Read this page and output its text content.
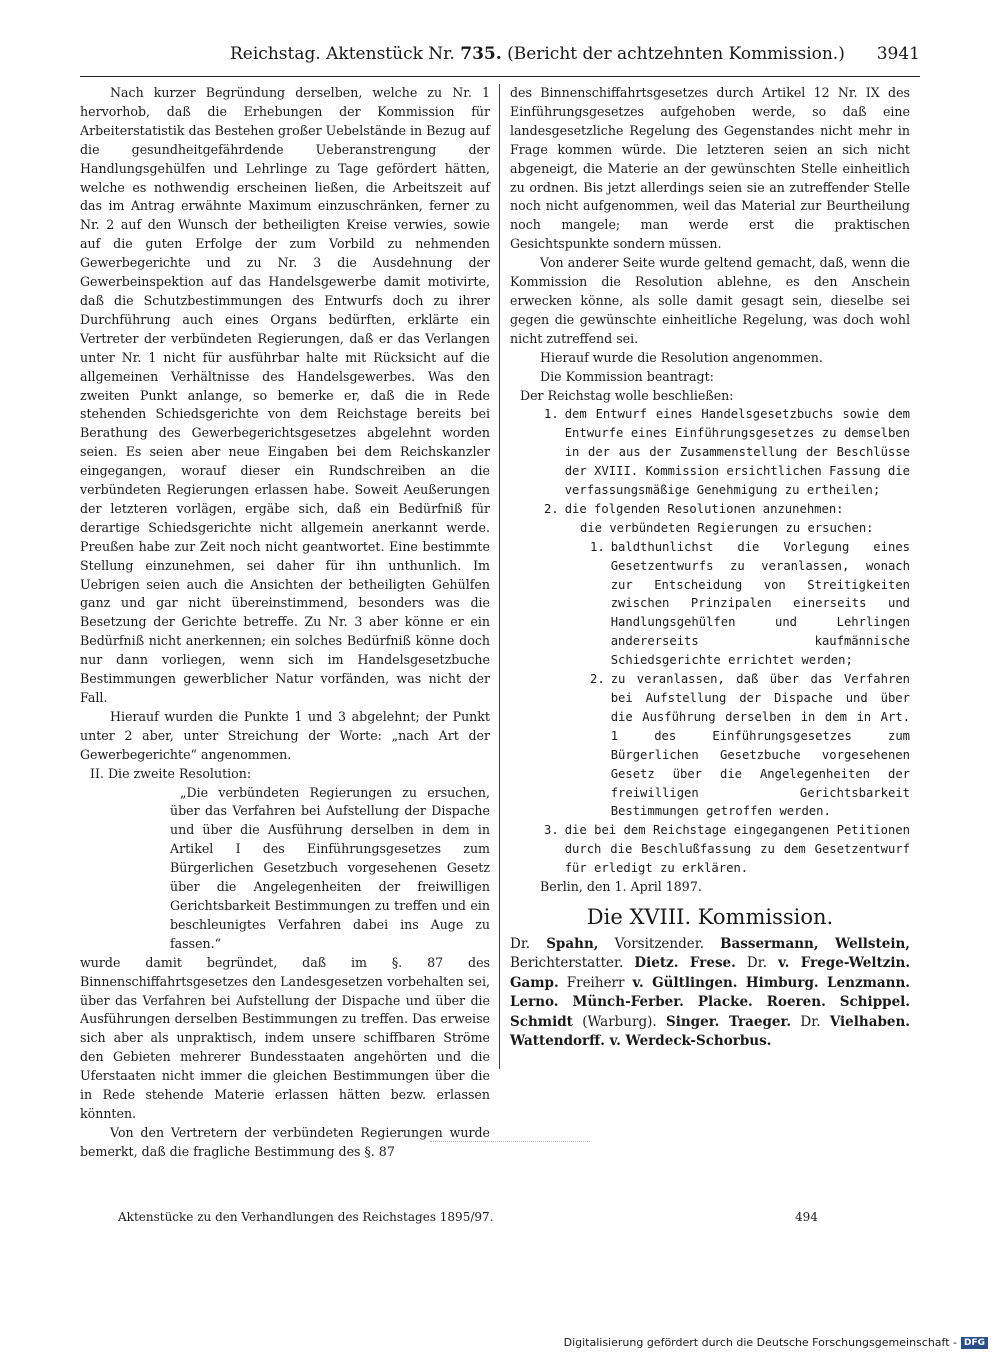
Reichstag. Aktenstück Nr. 735. (Bericht der achtzehnten Kommission.) 3941

Nach kurzer Begründung derselben, welche zu Nr. 1 hervorhob, daß die Erhebungen der Kommission für Arbeiterstatistik das Bestehen großer Uebelstände in Bezug auf die gesundheitgefährdende Ueberanstrengung der Handlungsgehülfen und Lehrlinge zu Tage gefördert hätten, welche es nothwendig erscheinen ließen, die Arbeitszeit auf das im Antrag erwähnte Maximum einzuschränken, ferner zu Nr. 2 auf den Wunsch der betheiligten Kreise verwies, sowie auf die guten Erfolge der zum Vorbild zu nehmenden Gewerbegerichte und zu Nr. 3 die Ausdehnung der Gewerbeinspektion auf das Handelsgewerbe damit motivirte, daß die Schutzbestimmungen des Entwurfs doch zu ihrer Durchführung auch eines Organs bedürften, erklärte ein Vertreter der verbündeten Regierungen, daß er das Verlangen unter Nr. 1 nicht für ausführbar halte mit Rücksicht auf die allgemeinen Verhältnisse des Handelsgewerbes. Was den zweiten Punkt anlange, so bemerke er, daß die in Rede stehenden Schiedsgerichte von dem Reichstage bereits bei Berathung des Gewerbegerichtsgesetzes abgelehnt worden seien. Es seien aber neue Eingaben bei dem Reichskanzler eingegangen, worauf dieser ein Rundschreiben an die verbündeten Regierungen erlassen habe. Soweit Aeußerungen der letzteren vorlägen, ergäbe sich, daß ein Bedürfniß für derartige Schiedsgerichte nicht allgemein anerkannt werde. Preußen habe zur Zeit noch nicht geantwortet. Eine bestimmte Stellung einzunehmen, sei daher für ihn unthunlich. Im Uebrigen seien auch die Ansichten der betheiligten Gehülfen ganz und gar nicht übereinstimmend, besonders was die Besetzung der Gerichte betreffe. Zu Nr. 3 aber könne er ein Bedürfniß nicht anerkennen; ein solches Bedürfniß könne doch nur dann vorliegen, wenn sich im Handelsgesetzbuche Bestimmungen gewerblicher Natur vorfänden, was nicht der Fall.

Hierauf wurden die Punkte 1 und 3 abgelehnt; der Punkt unter 2 aber, unter Streichung der Worte: „nach Art der Gewerbegerichte“ angenommen.

II. Die zweite Resolution:

„Die verbündeten Regierungen zu ersuchen, über das Verfahren bei Aufstellung der Dispache und über die Ausführung derselben in dem in Artikel I des Einführungsgesetzes zum Bürgerlichen Gesetzbuch vorgesehenen Gesetz über die Angelegenheiten der freiwilligen Gerichtsbarkeit Bestimmungen zu treffen und ein beschleunigtes Verfahren dabei ins Auge zu fassen.“

wurde damit begründet, daß im §. 87 des Binnenschiffahrtsgesetzes den Landesgesetzen vorbehalten sei, über das Verfahren bei Aufstellung der Dispache und über die Ausführungen derselben Bestimmungen zu treffen. Das erweise sich aber als unpraktisch, indem unsere schiffbaren Ströme den Gebieten mehrerer Bundesstaaten angehörten und die Uferstaaten nicht immer die gleichen Bestimmungen über die in Rede stehende Materie erlassen hätten bezw. erlassen könnten.

Von den Vertretern der verbündeten Regierungen wurde bemerkt, daß die fragliche Bestimmung des §. 87

des Binnenschiffahrtsgesetzes durch Artikel 12 Nr. IX des Einführungsgesetzes aufgehoben werde, so daß eine landesgesetzliche Regelung des Gegenstandes nicht mehr in Frage kommen würde. Die letzteren seien an sich nicht abgeneigt, die Materie an der gewünschten Stelle einheitlich zu ordnen. Bis jetzt allerdings seien sie an zutreffender Stelle noch nicht aufgenommen, weil das Material zur Beurtheilung noch mangele; man werde erst die praktischen Gesichtspunkte sondern müssen.

Von anderer Seite wurde geltend gemacht, daß, wenn die Kommission die Resolution ablehne, es den Anschein erwecken könne, als solle damit gesagt sein, dieselbe sei gegen die gewünschte einheitliche Regelung, was doch wohl nicht zutreffend sei.

Hierauf wurde die Resolution angenommen.

Die Kommission beantragt:

Der Reichstag wolle beschließen:

1. dem Entwurf eines Handelsgesetzbuchs sowie dem Entwurfe eines Einführungsgesetzes zu demselben in der aus der Zusammenstellung der Beschlüsse der XVIII. Kommission ersichtlichen Fassung die verfassungsmäßige Genehmigung zu ertheilen;
2. die folgenden Resolutionen anzunehmen:

die verbündeten Regierungen zu ersuchen:

1. baldthunlichst die Vorlegung eines Gesetzentwurfs zu veranlassen, wonach zur Entscheidung von Streitigkeiten zwischen Prinzipalen einerseits und Handlungsgehülfen und Lehrlingen andererseits kaufmännische Schiedsgerichte errichtet werden;
2. zu veranlassen, daß über das Verfahren bei Aufstellung der Dispache und über die Ausführung derselben in dem in Art. 1 des Einführungsgesetzes zum Bürgerlichen Gesetzbuche vorgesehenen Gesetz über die Angelegenheiten der freiwilligen Gerichtsbarkeit Bestimmungen getroffen werden.
3. die bei dem Reichstage eingegangenen Petitionen durch die Beschlußfassung zu dem Gesetzentwurf für erledigt zu erklären.

Berlin, den 1. April 1897.

Die XVIII. Kommission.

Dr. Spahn, Vorsitzender. Bassermann, Wellstein, Berichterstatter. Dietz. Frese. Dr. v. Frege-Weltzin. Gamp. Freiherr v. Gültlingen. Himburg. Lenzmann. Lerno. Münch-Ferber. Placke. Roeren. Schippel. Schmidt (Warburg). Singer. Traeger. Dr. Vielhaben. Wattendorff. v. Werdeck-Schorbus.

Aktenstücke zu den Verhandlungen des Reichstages 1895/97.	494
Digitalisierung gefördert durch die Deutsche Forschungsgemeinschaft - DFG
